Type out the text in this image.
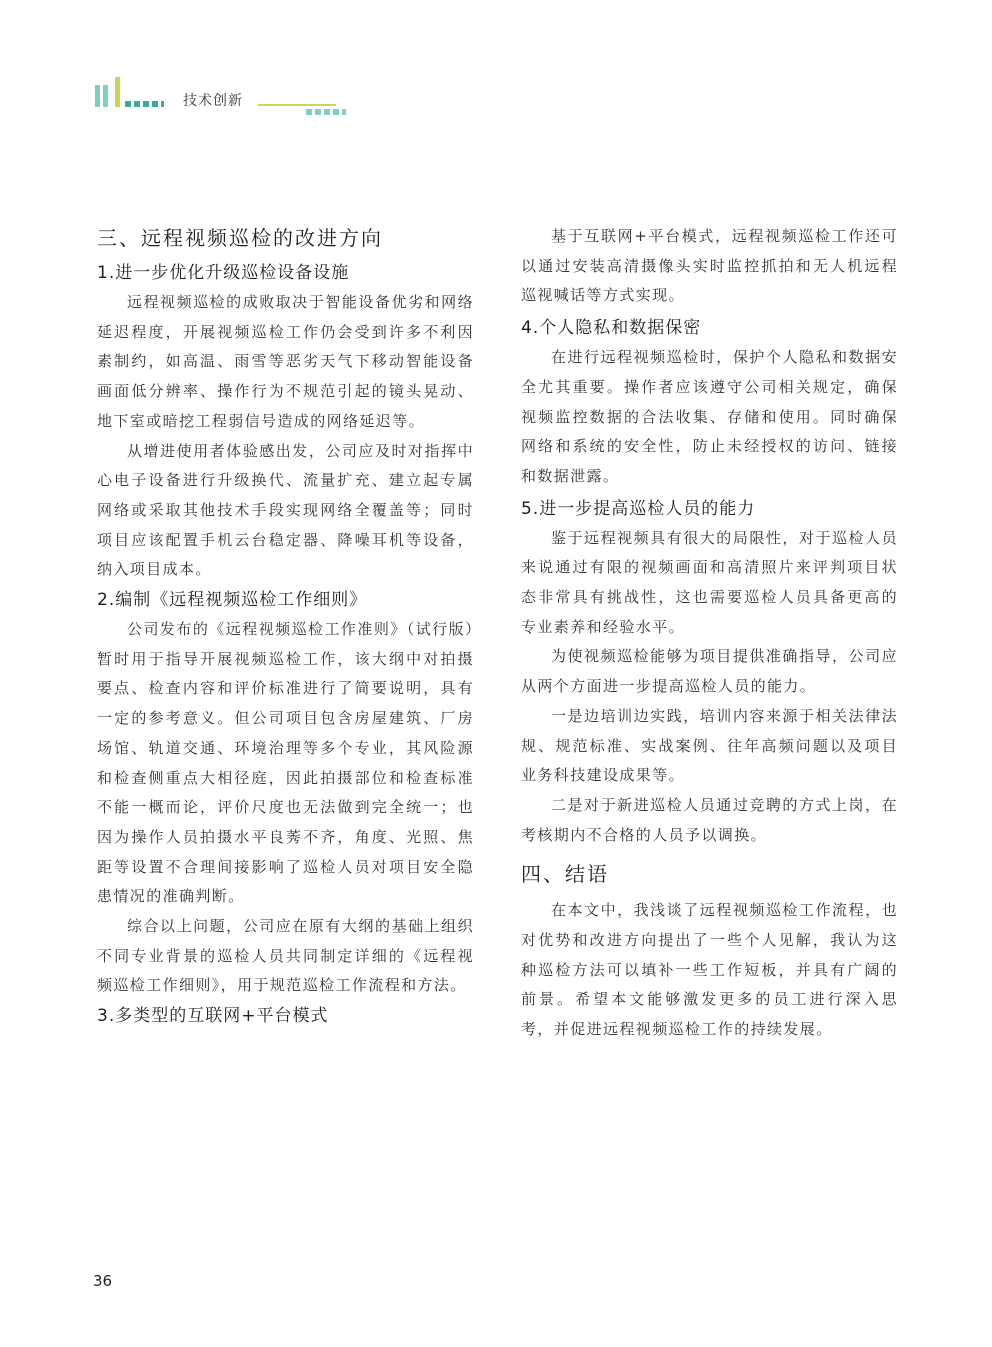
技术创新
三、远程视频巡检的改进方向
1.进一步优化升级巡检设备设施

远程视频巡检的成败取决于智能设备优劣和网络延迟程度，开展视频巡检工作仍会受到许多不利因素制约，如高温、雨雪等恶劣天气下移动智能设备画面低分辨率、操作行为不规范引起的镜头晃动、地下室或暗挖工程弱信号造成的网络延迟等。

从增进使用者体验感出发，公司应及时对指挥中心电子设备进行升级换代、流量扩充、建立起专属网络或采取其他技术手段实现网络全覆盖等；同时项目应该配置手机云台稳定器、降噪耳机等设备，纳入项目成本。

2.编制《远程视频巡检工作细则》

公司发布的《远程视频巡检工作准则》（试行版）暂时用于指导开展视频巡检工作，该大纲中对拍摄要点、检查内容和评价标准进行了简要说明，具有一定的参考意义。但公司项目包含房屋建筑、厂房场馆、轨道交通、环境治理等多个专业，其风险源和检查侧重点大相径庭，因此拍摄部位和检查标准不能一概而论，评价尺度也无法做到完全统一；也因为操作人员拍摄水平良莠不齐，角度、光照、焦距等设置不合理间接影响了巡检人员对项目安全隐患情况的准确判断。

综合以上问题，公司应在原有大纲的基础上组织不同专业背景的巡检人员共同制定详细的《远程视频巡检工作细则》，用于规范巡检工作流程和方法。

3.多类型的互联网+平台模式

基于互联网+平台模式，远程视频巡检工作还可以通过安装高清摄像头实时监控抓拍和无人机远程巡视喊话等方式实现。

4.个人隐私和数据保密

在进行远程视频巡检时，保护个人隐私和数据安全尤其重要。操作者应该遵守公司相关规定，确保视频监控数据的合法收集、存储和使用。同时确保网络和系统的安全性，防止未经授权的访问、链接和数据泄露。

5.进一步提高巡检人员的能力

鉴于远程视频具有很大的局限性，对于巡检人员来说通过有限的视频画面和高清照片来评判项目状态非常具有挑战性，这也需要巡检人员具备更高的专业素养和经验水平。

为使视频巡检能够为项目提供准确指导，公司应从两个方面进一步提高巡检人员的能力。

一是边培训边实践，培训内容来源于相关法律法规、规范标准、实战案例、往年高频问题以及项目业务科技建设成果等。

二是对于新进巡检人员通过竞聘的方式上岗，在考核期内不合格的人员予以调换。

四、结语

在本文中，我浅谈了远程视频巡检工作流程，也对优势和改进方向提出了一些个人见解，我认为这种巡检方法可以填补一些工作短板，并具有广阔的前景。希望本文能够激发更多的员工进行深入思考，并促进远程视频巡检工作的持续发展。

36
